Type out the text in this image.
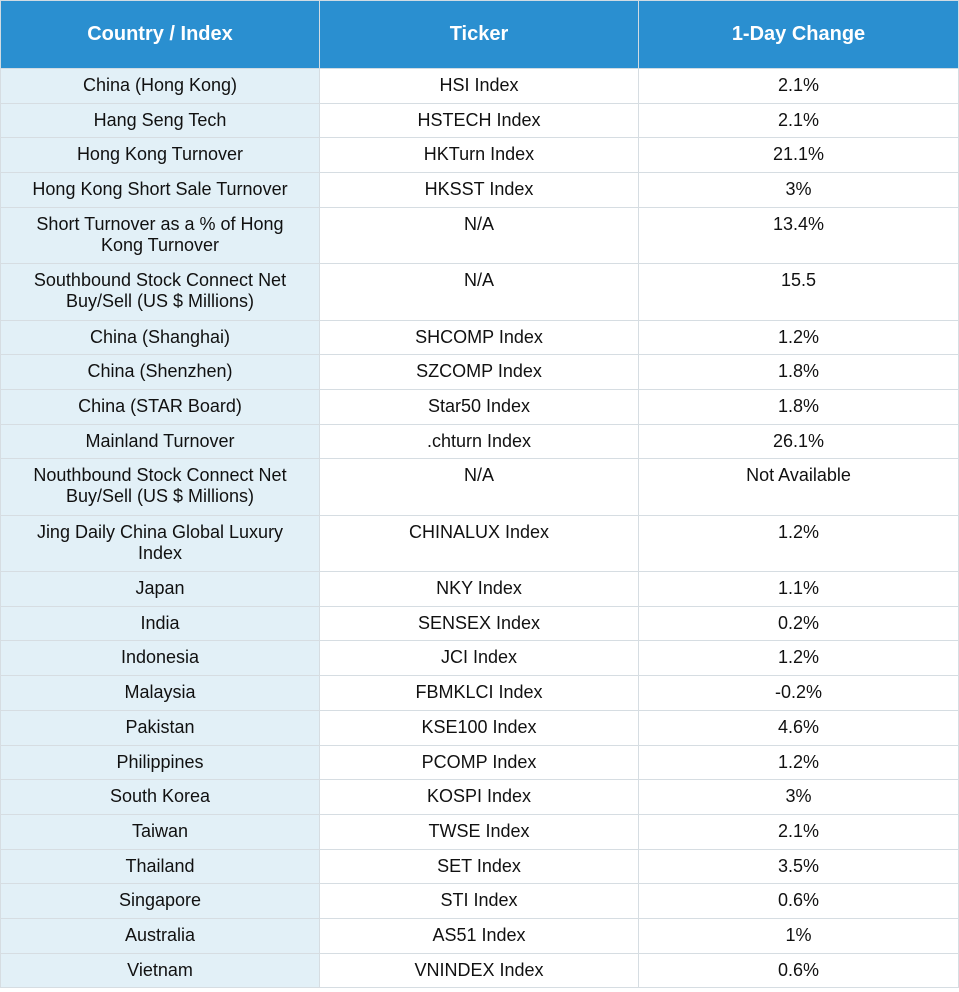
Country / Index	Ticker	1-Day Change
China (Hong Kong)	HSI Index	2.1%
Hang Seng Tech	HSTECH Index	2.1%
Hong Kong Turnover	HKTurn Index	21.1%
Hong Kong Short Sale Turnover	HKSST Index	3%
Short Turnover as a % of Hong Kong Turnover	N/A	13.4%
Southbound Stock Connect Net Buy/Sell (US $ Millions)	N/A	15.5
China (Shanghai)	SHCOMP Index	1.2%
China (Shenzhen)	SZCOMP Index	1.8%
China (STAR Board)	Star50 Index	1.8%
Mainland Turnover	.chturn Index	26.1%
Nouthbound Stock Connect Net Buy/Sell (US $ Millions)	N/A	Not Available
Jing Daily China Global Luxury Index	CHINALUX Index	1.2%
Japan	NKY Index	1.1%
India	SENSEX Index	0.2%
Indonesia	JCI Index	1.2%
Malaysia	FBMKLCI Index	-0.2%
Pakistan	KSE100 Index	4.6%
Philippines	PCOMP Index	1.2%
South Korea	KOSPI Index	3%
Taiwan	TWSE Index	2.1%
Thailand	SET Index	3.5%
Singapore	STI Index	0.6%
Australia	AS51 Index	1%
Vietnam	VNINDEX Index	0.6%
